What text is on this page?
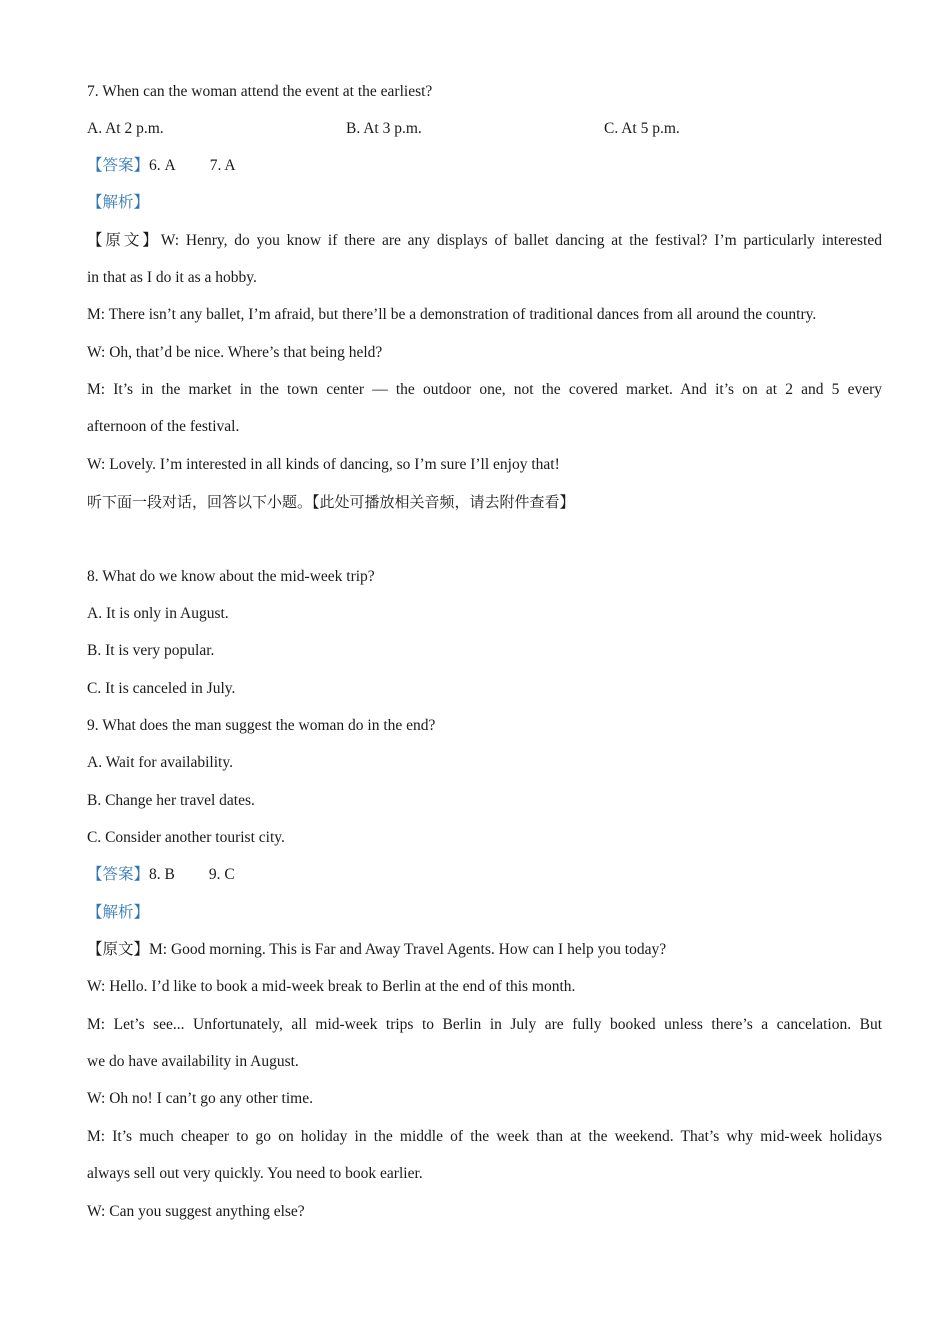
7. When can the woman attend the event at the earliest?
A. At 2 p.m.	B. At 3 p.m.	C. At 5 p.m.
【答案】6. A 7. A
【解析】
【原文】W: Henry, do you know if there are any displays of ballet dancing at the festival? I’m particularly interested
in that as I do it as a hobby.
M: There isn’t any ballet, I’m afraid, but there’ll be a demonstration of traditional dances from all around the country.
W: Oh, that’d be nice. Where’s that being held?
M: It’s in the market in the town center — the outdoor one, not the covered market. And it’s on at 2 and 5 every
afternoon of the festival.
W: Lovely. I’m interested in all kinds of dancing, so I’m sure I’ll enjoy that!
听下面一段对话，回答以下小题。【此处可播放相关音频，请去附件查看】
8. What do we know about the mid-week trip?
A. It is only in August.
B. It is very popular.
C. It is canceled in July.
9. What does the man suggest the woman do in the end?
A. Wait for availability.
B. Change her travel dates.
C. Consider another tourist city.
【答案】8. B 9. C
【解析】
【原文】M: Good morning. This is Far and Away Travel Agents. How can I help you today?
W: Hello. I’d like to book a mid-week break to Berlin at the end of this month.
M: Let’s see... Unfortunately, all mid-week trips to Berlin in July are fully booked unless there’s a cancelation. But
we do have availability in August.
W: Oh no! I can’t go any other time.
M: It’s much cheaper to go on holiday in the middle of the week than at the weekend. That’s why mid-week holidays
always sell out very quickly. You need to book earlier.
W: Can you suggest anything else?
